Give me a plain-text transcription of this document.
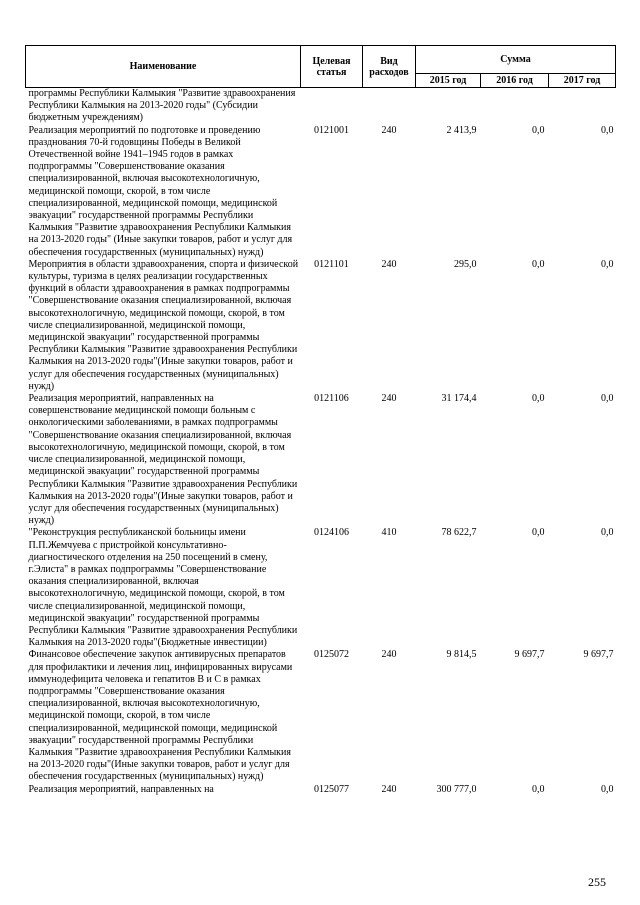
Наименование	Целевая статья	Вид расходов	Сумма		
			2015 год	2016 год	2017 год
программы Республики Калмыкия "Развитие здравоохранения Республики Калмыкия на 2013-2020 годы" (Субсидии бюджетным учреждениям)					
Реализация мероприятий по подготовке и проведению празднования 70-й годовщины Победы в Великой Отечественной войне 1941–1945 годов в рамках подпрограммы "Совершенствование оказания специализированной, включая высокотехнологичную, медицинской помощи, скорой, в том числе специализированной, медицинской помощи, медицинской эвакуации" государственной программы Республики Калмыкия "Развитие здравоохранения Республики Калмыкия на 2013-2020 годы" (Иные закупки товаров, работ и услуг для обеспечения государственных (муниципальных) нужд)	0121001	240	2 413,9	0,0	0,0
Мероприятия в области здравоохранения, спорта и физической культуры, туризма в целях реализации государственных функций в области здравоохранения в рамках подпрограммы "Совершенствование оказания специализированной, включая высокотехнологичную, медицинской помощи, скорой, в том числе специализированной, медицинской помощи, медицинской эвакуации" государственной программы Республики Калмыкия "Развитие здравоохранения Республики Калмыкия на 2013-2020 годы"(Иные закупки товаров, работ и услуг для обеспечения государственных (муниципальных) нужд)	0121101	240	295,0	0,0	0,0
Реализация мероприятий, направленных на совершенствование медицинской помощи больным с онкологическими заболеваниями, в рамках подпрограммы "Совершенствование оказания специализированной, включая высокотехнологичную, медицинской помощи, скорой, в том числе специализированной, медицинской помощи, медицинской эвакуации" государственной программы Республики Калмыкия "Развитие здравоохранения Республики Калмыкия на 2013-2020 годы"(Иные закупки товаров, работ и услуг для обеспечения государственных (муниципальных) нужд)	0121106	240	31 174,4	0,0	0,0
"Реконструкция республиканской больницы имени П.П.Жемчуева с пристройкой консультативно-диагностического отделения на 250 посещений в смену, г.Элиста" в рамках подпрограммы "Совершенствование оказания специализированной, включая высокотехнологичную, медицинской помощи, скорой, в том числе специализированной, медицинской помощи, медицинской эвакуации" государственной программы Республики Калмыкия "Развитие здравоохранения Республики Калмыкия на 2013-2020 годы"(Бюджетные инвестиции)	0124106	410	78 622,7	0,0	0,0
Финансовое обеспечение закупок антивирусных препаратов для профилактики и лечения лиц, инфицированных вирусами иммунодефицита человека и гепатитов В и С в рамках подпрограммы "Совершенствование оказания специализированной, включая высокотехнологичную, медицинской помощи, скорой, в том числе специализированной, медицинской помощи, медицинской эвакуации" государственной программы Республики Калмыкия "Развитие здравоохранения Республики Калмыкия на 2013-2020 годы"(Иные закупки товаров, работ и услуг для обеспечения государственных (муниципальных) нужд)	0125072	240	9 814,5	9 697,7	9 697,7
Реализация мероприятий, направленных на	0125077	240	300 777,0	0,0	0,0
255
